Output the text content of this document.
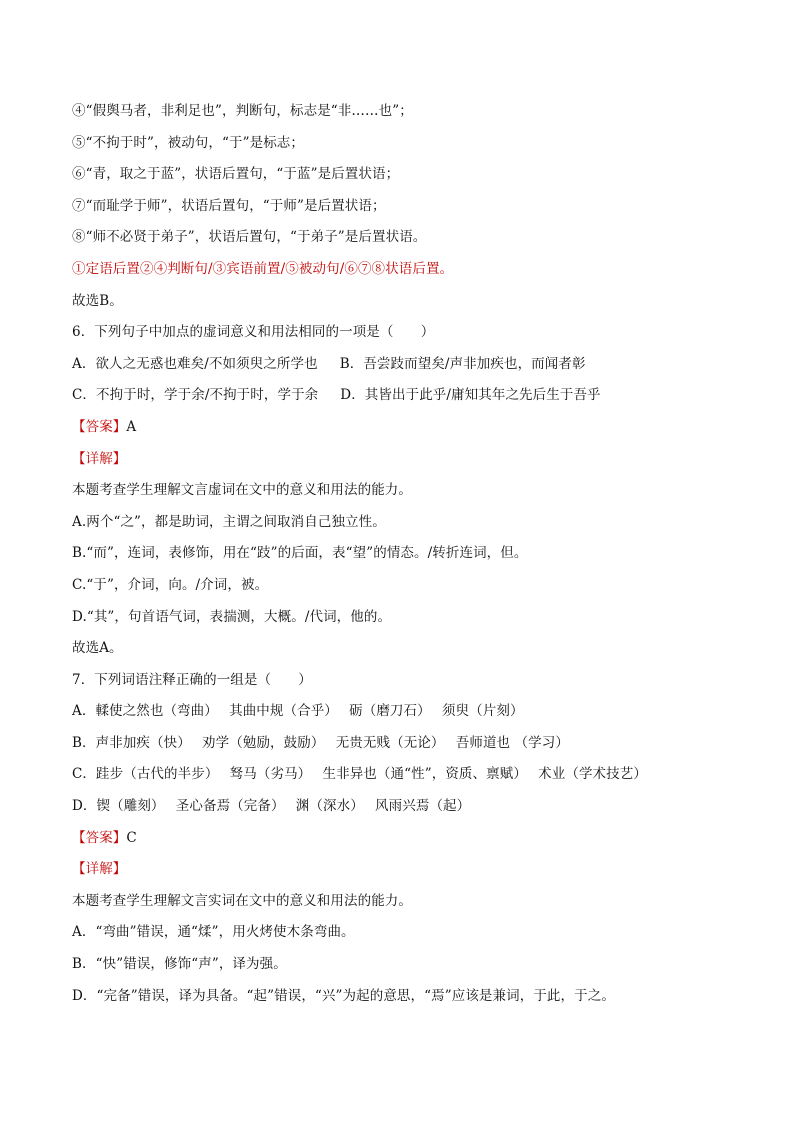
④“假舆马者，非利足也”，判断句，标志是“非……也”；
⑤“不拘于时”，被动句，“于”是标志；
⑥“青，取之于蓝”，状语后置句，“于蓝”是后置状语；
⑦“而耻学于师”，状语后置句，“于师”是后置状语；
⑧“师不必贤于弟子”，状语后置句，“于弟子”是后置状语。
①定语后置②④判断句/③宾语前置/⑤被动句/⑥⑦⑧状语后置。
故选B。
6．下列句子中加点的虚词意义和用法相同的一项是（　　）
A．欲人之无惑也难矣/不如须臾之所学也 B．吾尝跂而望矣/声非加疾也，而闻者彰
C．不拘于时，学于余/不拘于时，学于余 D．其皆出于此乎/庸知其年之先后生于吾乎
【答案】A
【详解】
本题考查学生理解文言虚词在文中的意义和用法的能力。
A.两个“之”，都是助词，主谓之间取消自己独立性。
B.“而”，连词，表修饰，用在“跂”的后面，表“望”的情态。/转折连词，但。
C.“于”，介词，向。/介词，被。
D.“其”，句首语气词，表揣测，大概。/代词，他的。
故选A。
7．下列词语注释正确的一组是（　　）
A．輮使之然也（弯曲）　 其曲中规（合乎）　 砺（磨刀石）　 须臾（片刻）
B．声非加疾（快）　 劝学（勉励，鼓励）　 无贵无贱（无论）　 吾师道也 （学习）
C．跬步（古代的半步）　 驽马（劣马）　 生非异也（通“性”，资质、禀赋）　 术业（学术技艺）
D．锲（雕刻）　 圣心备焉（完备）　 渊（深水）　 风雨兴焉（起）
【答案】C
【详解】
本题考查学生理解文言实词在文中的意义和用法的能力。
A．“弯曲”错误，通“煣”，用火烤使木条弯曲。
B．“快”错误，修饰“声”，译为强。
D．“完备”错误，译为具备。“起”错误，“兴”为起的意思，“焉”应该是兼词，于此，于之。
